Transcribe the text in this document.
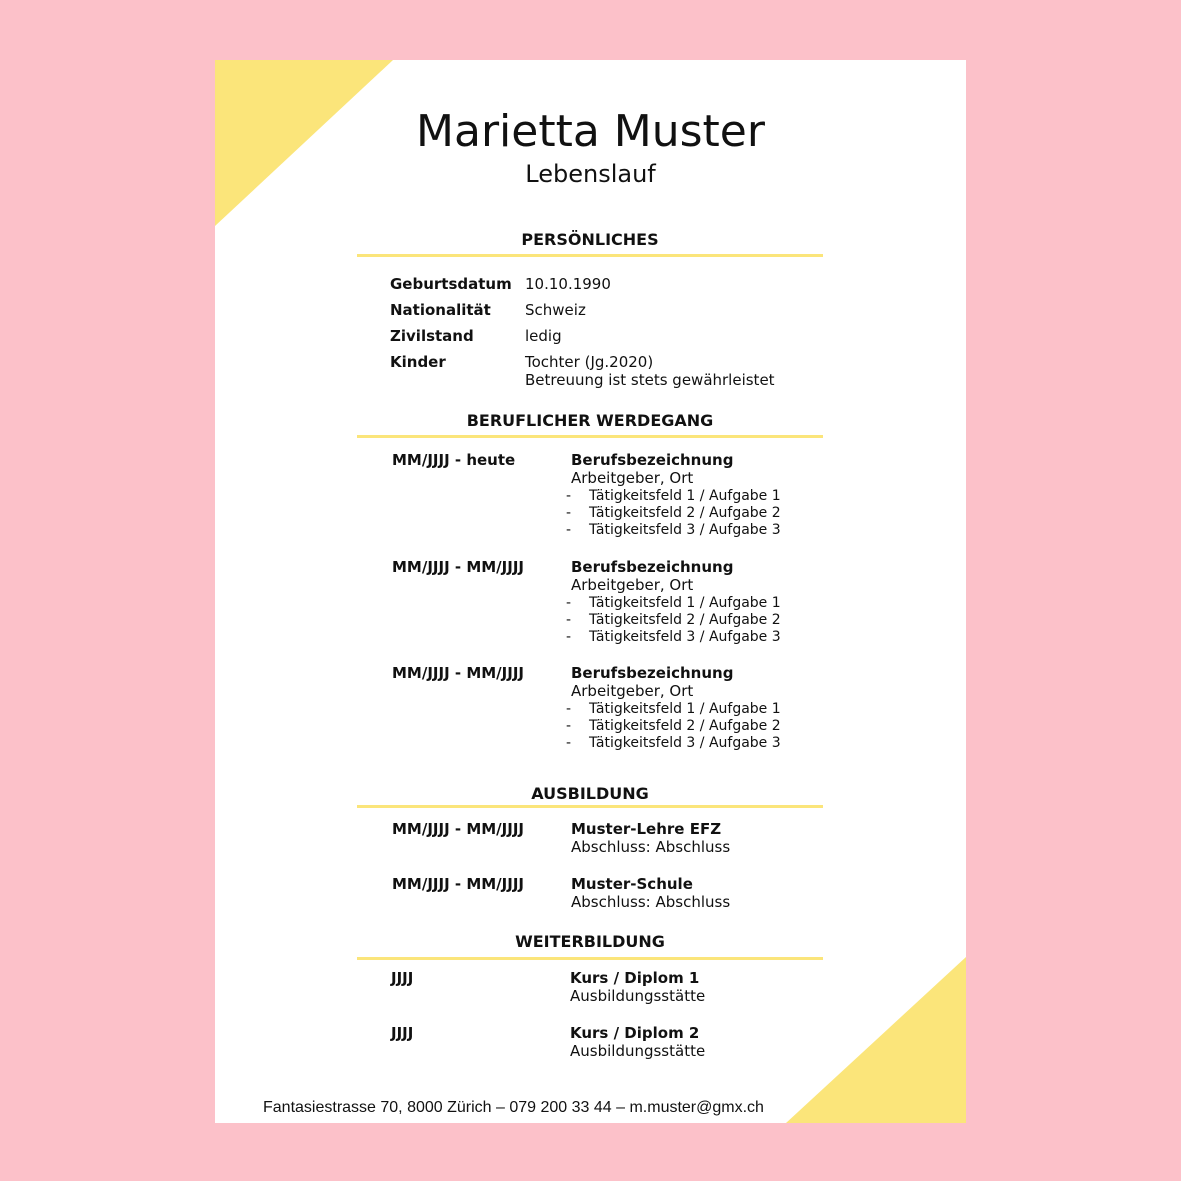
Marietta Muster
Lebenslauf
PERSÖNLICHES
Geburtsdatum 10.10.1990
Nationalität Schweiz
Zivilstand	ledig
Kinder	Tochter (Jg.2020)
Betreuung ist stets gewährleistet
BERUFLICHER WERDEGANG
MM/JJJJ - heute	Berufsbezeichnung
Arbeitgeber, Ort
- Tätigkeitsfeld 1 / Aufgabe 1
- Tätigkeitsfeld 2 / Aufgabe 2
- Tätigkeitsfeld 3 / Aufgabe 3
MM/JJJJ - MM/JJJJ	Berufsbezeichnung
Arbeitgeber, Ort
- Tätigkeitsfeld 1 / Aufgabe 1
- Tätigkeitsfeld 2 / Aufgabe 2
- Tätigkeitsfeld 3 / Aufgabe 3
MM/JJJJ - MM/JJJJ	Berufsbezeichnung
Arbeitgeber, Ort
- Tätigkeitsfeld 1 / Aufgabe 1
- Tätigkeitsfeld 2 / Aufgabe 2
- Tätigkeitsfeld 3 / Aufgabe 3
AUSBILDUNG
MM/JJJJ - MM/JJJJ	Muster-Lehre EFZ
Abschluss: Abschluss
MM/JJJJ - MM/JJJJ	Muster-Schule
Abschluss: Abschluss
WEITERBILDUNG
JJJJ	Kurs / Diplom 1
Ausbildungsstätte
JJJJ	Kurs / Diplom 2
Ausbildungsstätte
Fantasiestrasse 70, 8000 Zürich – 079 200 33 44 – m.muster@gmx.ch
